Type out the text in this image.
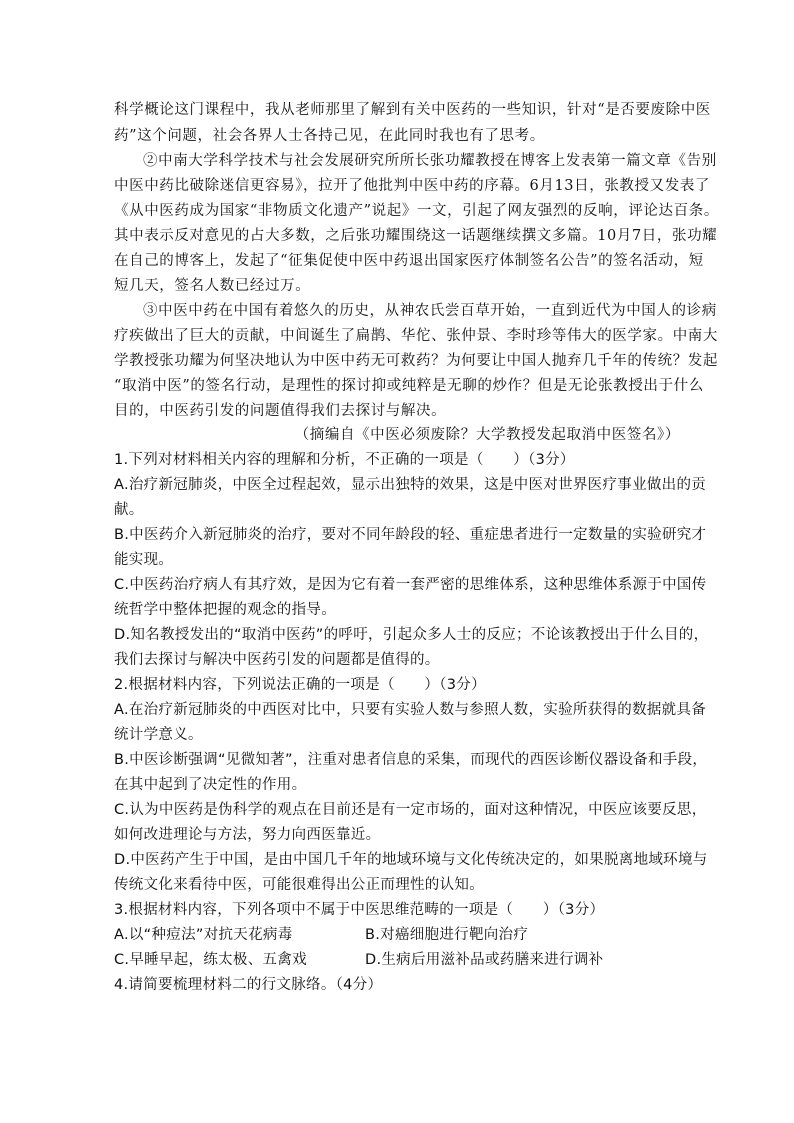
科学概论这门课程中，我从老师那里了解到有关中医药的一些知识，针对“是否要废除中医
药”这个问题，社会各界人士各持己见，在此同时我也有了思考。
②中南大学科学技术与社会发展研究所所长张功耀教授在博客上发表第一篇文章《告别
中医中药比破除迷信更容易》，拉开了他批判中医中药的序幕。6月13日，张教授又发表了
《从中医药成为国家“非物质文化遗产”说起》一文，引起了网友强烈的反响，评论达百条。
其中表示反对意见的占大多数，之后张功耀围绕这一话题继续撰文多篇。10月7日，张功耀
在自己的博客上，发起了“征集促使中医中药退出国家医疗体制签名公告”的签名活动，短
短几天，签名人数已经过万。
③中医中药在中国有着悠久的历史，从神农氏尝百草开始，一直到近代为中国人的诊病
疗疾做出了巨大的贡献，中间诞生了扁鹊、华佗、张仲景、李时珍等伟大的医学家。中南大
学教授张功耀为何坚决地认为中医中药无可救药？为何要让中国人抛弃几千年的传统？发起
“取消中医”的签名行动，是理性的探讨抑或纯粹是无聊的炒作？但是无论张教授出于什么
目的，中医药引发的问题值得我们去探讨与解决。
（摘编自《中医必须废除？大学教授发起取消中医签名》）
1.下列对材料相关内容的理解和分析，不正确的一项是（　　）（3分）
A.治疗新冠肺炎，中医全过程起效，显示出独特的效果，这是中医对世界医疗事业做出的贡
献。
B.中医药介入新冠肺炎的治疗，要对不同年龄段的轻、重症患者进行一定数量的实验研究才
能实现。
C.中医药治疗病人有其疗效，是因为它有着一套严密的思维体系，这种思维体系源于中国传
统哲学中整体把握的观念的指导。
D.知名教授发出的“取消中医药”的呼吁，引起众多人士的反应；不论该教授出于什么目的，
我们去探讨与解决中医药引发的问题都是值得的。
2.根据材料内容，下列说法正确的一项是（　　）（3分）
A.在治疗新冠肺炎的中西医对比中，只要有实验人数与参照人数，实验所获得的数据就具备
统计学意义。
B.中医诊断强调“见微知著”，注重对患者信息的采集，而现代的西医诊断仪器设备和手段，
在其中起到了决定性的作用。
C.认为中医药是伪科学的观点在目前还是有一定市场的，面对这种情况，中医应该要反思，
如何改进理论与方法，努力向西医靠近。
D.中医药产生于中国，是由中国几千年的地域环境与文化传统决定的，如果脱离地域环境与
传统文化来看待中医，可能很难得出公正而理性的认知。
3.根据材料内容，下列各项中不属于中医思维范畴的一项是（　　）（3分）
A.以“种痘法”对抗天花病毒	B.对癌细胞进行靶向治疗
C.早睡早起，练太极、五禽戏	D.生病后用滋补品或药膳来进行调补
4.请简要梳理材料二的行文脉络。（4分）
